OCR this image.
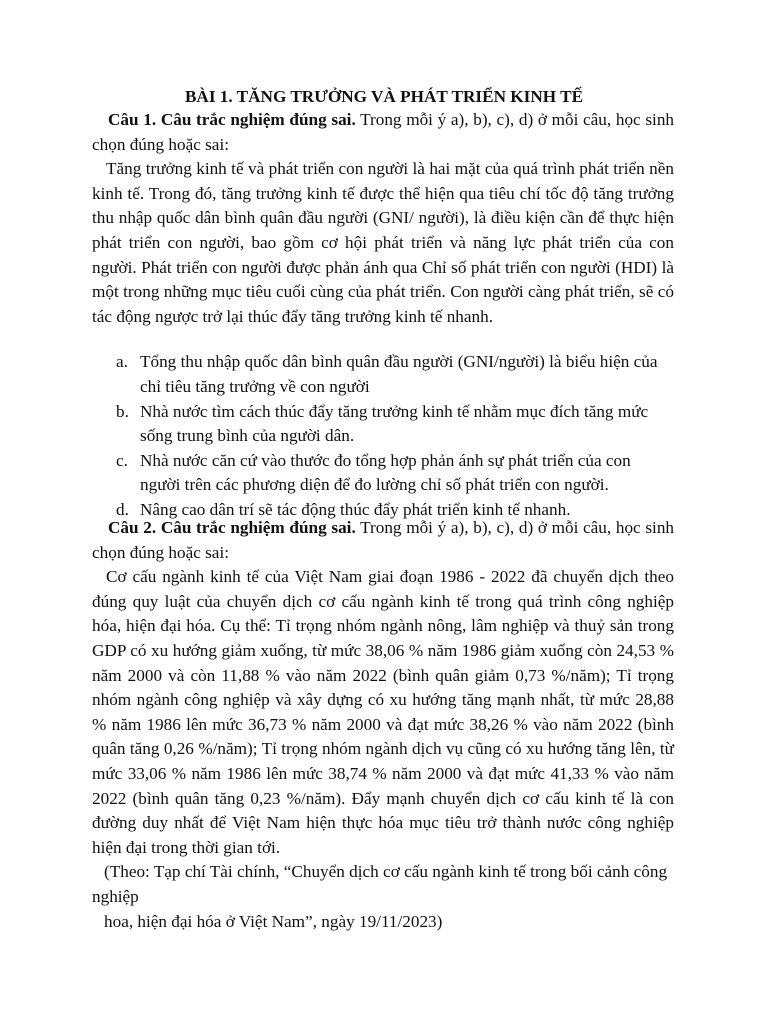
BÀI 1. TĂNG TRƯỞNG VÀ PHÁT TRIỂN KINH TẾ

Câu 1. Câu trắc nghiệm đúng sai. Trong mỗi ý a), b), c), d) ở mỗi câu, học sinh chọn đúng hoặc sai:

Tăng trưởng kinh tế và phát triển con người là hai mặt của quá trình phát triển nền kinh tế. Trong đó, tăng trưởng kinh tế được thể hiện qua tiêu chí tốc độ tăng trưởng thu nhập quốc dân bình quân đầu người (GNI/ người), là điều kiện cần để thực hiện phát triển con người, bao gồm cơ hội phát triển và năng lực phát triển của con người. Phát triển con người được phản ánh qua Chỉ số phát triển con người (HDI) là một trong những mục tiêu cuối cùng của phát triển. Con người càng phát triển, sẽ có tác động ngược trở lại thúc đẩy tăng trưởng kinh tế nhanh.

a. Tổng thu nhập quốc dân bình quân đầu người (GNI/người) là biểu hiện của chỉ tiêu tăng trưởng về con người
b. Nhà nước tìm cách thúc đẩy tăng trưởng kinh tế nhằm mục đích tăng mức sống trung bình của người dân.
c. Nhà nước căn cứ vào thước đo tổng hợp phản ánh sự phát triển của con người trên các phương diện để đo lường chỉ số phát triển con người.
d. Nâng cao dân trí sẽ tác động thúc đẩy phát triển kinh tế nhanh.

Câu 2. Câu trắc nghiệm đúng sai. Trong mỗi ý a), b), c), d) ở mỗi câu, học sinh chọn đúng hoặc sai:

Cơ cấu ngành kinh tế của Việt Nam giai đoạn 1986 - 2022 đã chuyển dịch theo đúng quy luật của chuyển dịch cơ cấu ngành kinh tế trong quá trình công nghiệp hóa, hiện đại hóa. Cụ thể: Tỉ trọng nhóm ngành nông, lâm nghiệp và thuỷ sản trong GDP có xu hướng giảm xuống, từ mức 38,06 % năm 1986 giảm xuống còn 24,53 % năm 2000 và còn 11,88 % vào năm 2022 (bình quân giảm 0,73 %/năm); Tỉ trọng nhóm ngành công nghiệp và xây dựng có xu hướng tăng mạnh nhất, từ mức 28,88 % năm 1986 lên mức 36,73 % năm 2000 và đạt mức 38,26 % vào năm 2022 (bình quân tăng 0,26 %/năm); Tỉ trọng nhóm ngành dịch vụ cũng có xu hướng tăng lên, từ mức 33,06 % năm 1986 lên mức 38,74 % năm 2000 và đạt mức 41,33 % vào năm 2022 (bình quân tăng 0,23 %/năm). Đẩy mạnh chuyển dịch cơ cấu kinh tế là con đường duy nhất để Việt Nam hiện thực hóa mục tiêu trở thành nước công nghiệp hiện đại trong thời gian tới.

(Theo: Tạp chí Tài chính, “Chuyển dịch cơ cấu ngành kinh tế trong bối cảnh công nghiệp

hoa, hiện đại hóa ở Việt Nam”, ngày 19/11/2023)
